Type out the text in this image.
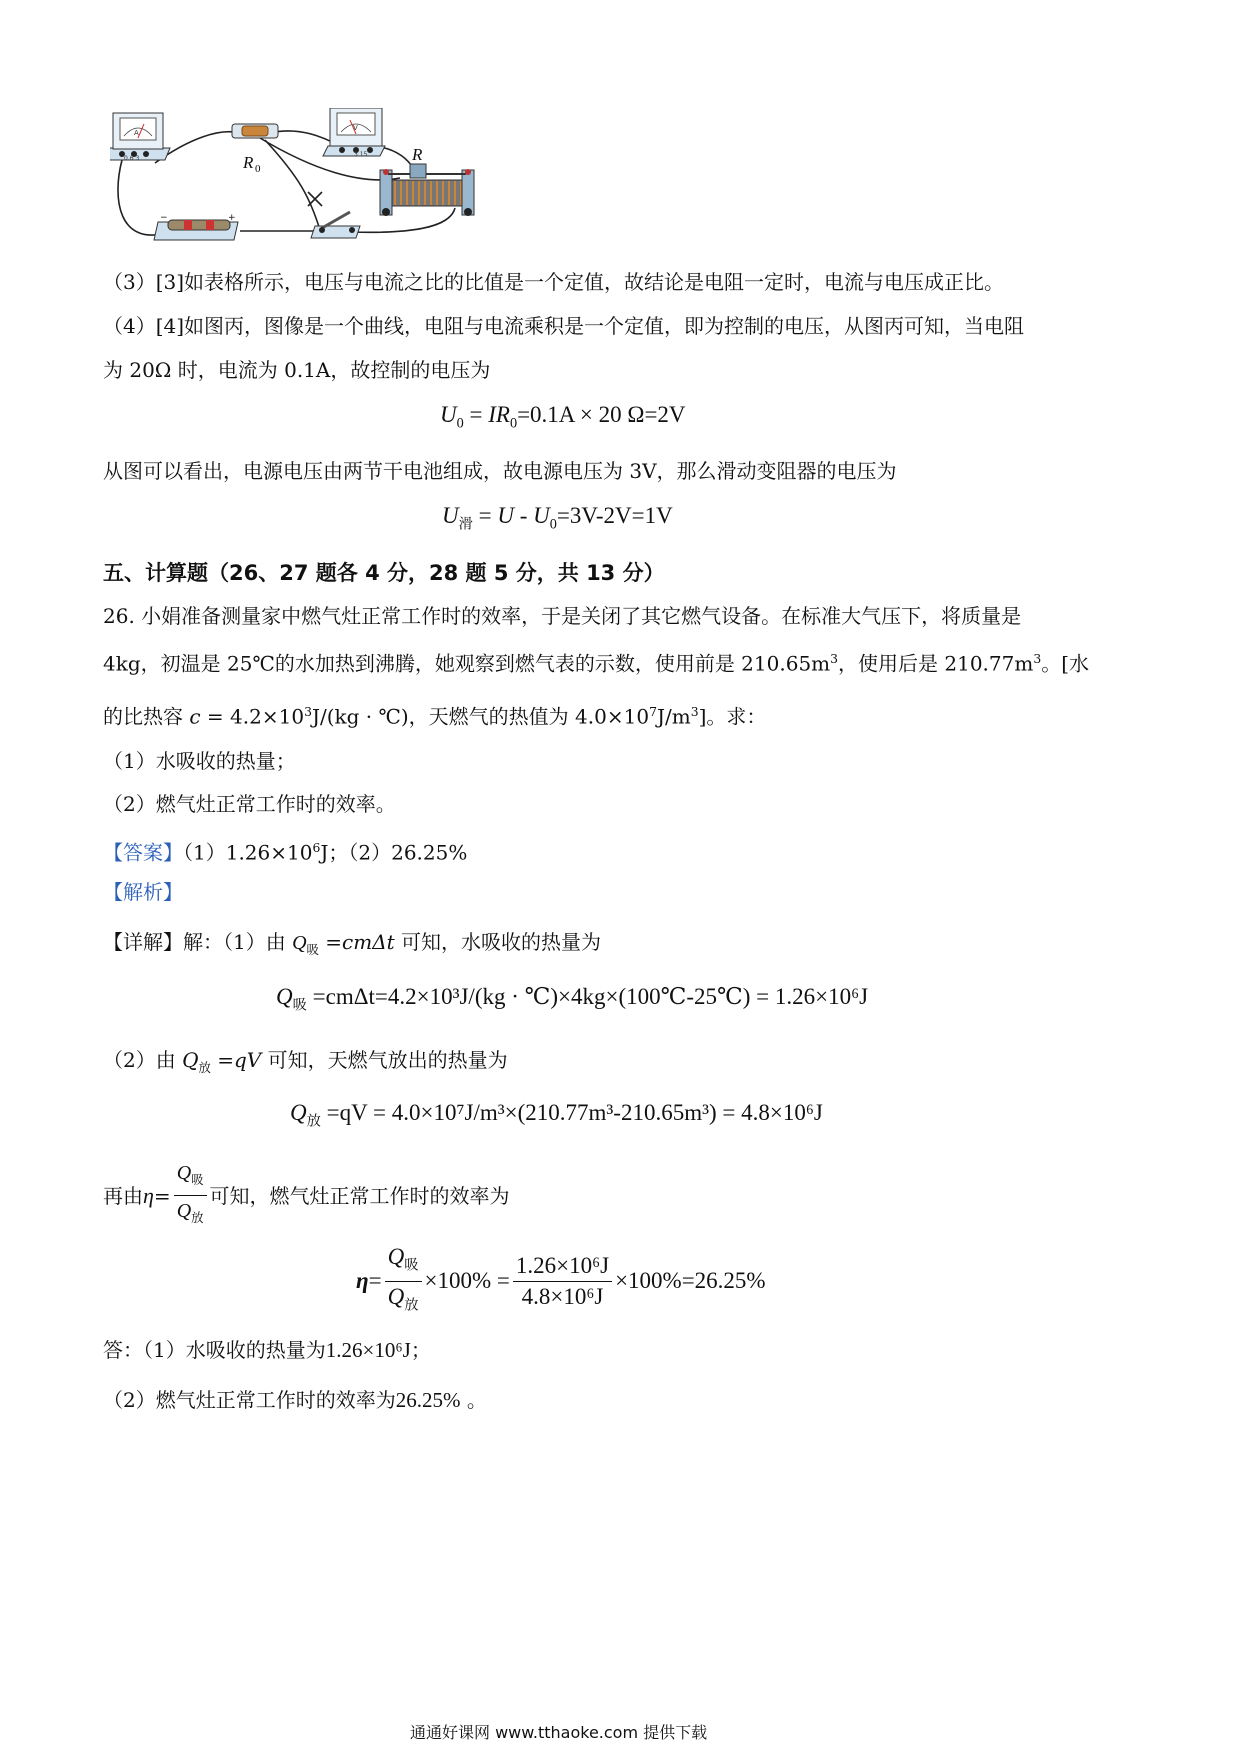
A
0.6 3	R 0
V
3 15	R
−	+
（3）[3]如表格所示，电压与电流之比的比值是一个定值，故结论是电阻一定时，电流与电压成正比。
（4）[4]如图丙，图像是一个曲线，电阻与电流乘积是一个定值，即为控制的电压，从图丙可知，当电阻
为 20Ω 时，电流为 0.1A，故控制的电压为
$U_0 = IR_0=0.1A \times 20$ Ω=2V
从图可以看出，电源电压由两节干电池组成，故电源电压为 3V，那么滑动变阻器的电压为
$U_滑 = U - U_0=3V-2V=1V$
五、计算题（26、27 题各 4 分，28 题 5 分，共 13 分）
26. 小娟准备测量家中燃气灶正常工作时的效率，于是关闭了其它燃气设备。在标准大气压下，将质量是
4kg，初温是 25℃的水加热到沸腾，她观察到燃气表的示数，使用前是 $210.65m^3$，使用后是 $210.77m^3$。[水
的比热容 $c = 4.2\times 10^3J/(kg$ · ℃)，天燃气的热值为 $4.0\times 10^7J/m^3$]。求：
（1）水吸收的热量；
（2）燃气灶正常工作时的效率。
【答案】$(1)1.26\times 10^6J$；（2）26.25%
【解析】
【详解】解：（1）由 $Q_吸 =cm\Delta t$ 可知，水吸收的热量为
$Q_吸 =cm\Delta t=4.2\times 10^3J/(kg$ · ℃)×4kg×(100℃-25℃) = 1.26×10⁶J
（2）由 $Q_放 =qV$ 可知，天燃气放出的热量为
$Q_放 =qV = 4.0\times 10^7J/m^3\times(210.77m^3-210.65m^3) = 4.8\times 10^6J$
再由 $\eta = \frac{Q_吸}{Q_放}$ 可知，燃气灶正常工作时的效率为
$\eta = \frac{Q_吸}{Q_放} \times 100\% = \frac{\text{1.26×10⁶J}}{\text{4.8×10⁶J}} \times 100\%=26.25\%$
答：（1）水吸收的热量为1.26×10⁶J；
（2）燃气灶正常工作时的效率为26.25% 。
通通好课网 www.tthaoke.com 提供下载
